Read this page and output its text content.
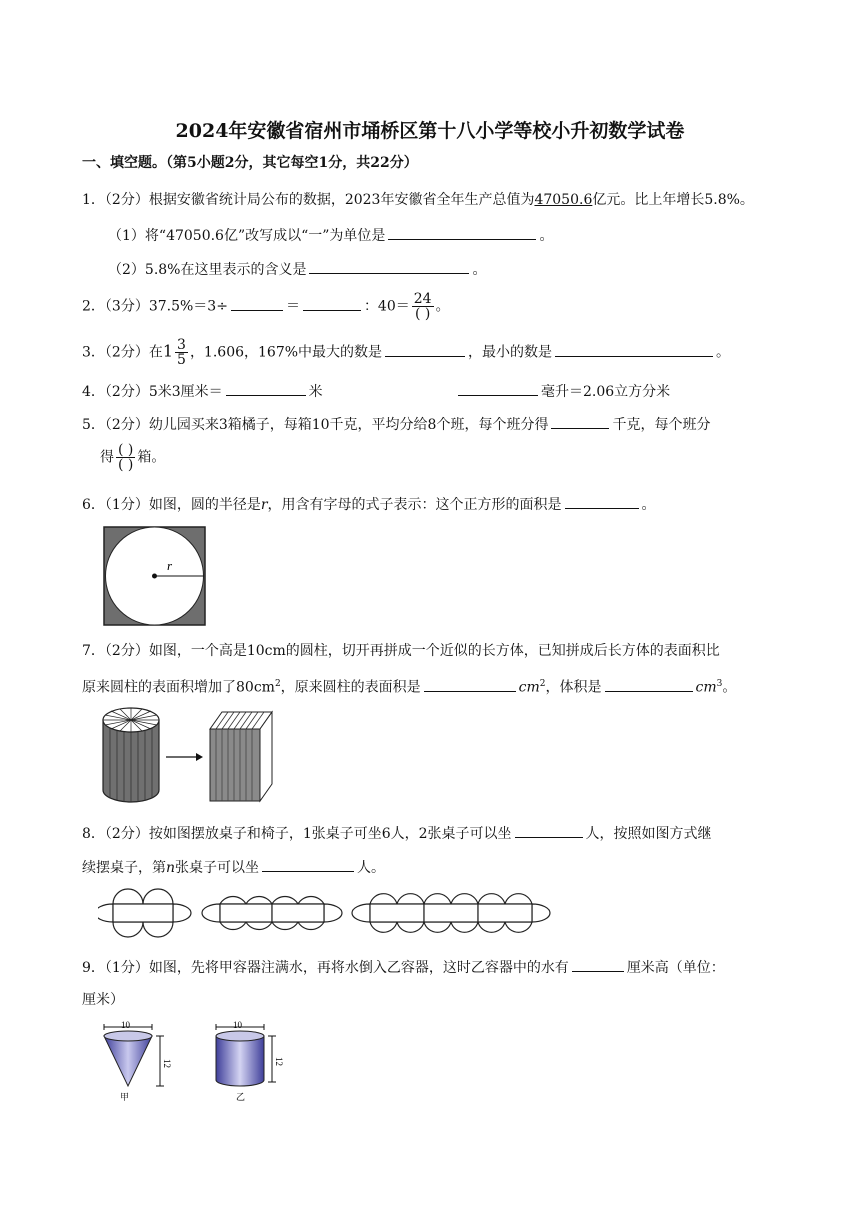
2024年安徽省宿州市埇桥区第十八小学等校小升初数学试卷
一、填空题。（第5小题2分，其它每空1分，共22分）
1．（2分）根据安徽省统计局公布的数据，2023年安徽省全年生产总值为47050.6亿元。比上年增长5.8%。
（1）将“47050.6亿”改写成以“一”为单位是	。
（2）5.8%在这里表示的含义是	。
2．（3分）37.5%＝3÷	＝	：$40= \frac{24}{( )}$ 。
3．（2分）在$1 \frac{3}{5}$ ，1.606，167%中最大的数是	，最小的数是	。
4．（2分）5米3厘米＝	米	毫升＝2.06立方分米
5．（2分）幼儿园买来3箱橘子，每箱10千克，平均分给8个班，每个班分得	千克，每个班分
得 $\frac{( )}{( )}$ 箱。
6．（1分）如图，圆的半径是r，用含有字母的式子表示：这个正方形的面积是	。
r
7．（2分）如图，一个高是10cm的圆柱，切开再拼成一个近似的长方体，已知拼成后长方体的表面积比
原来圆柱的表面积增加了$80cm^2$，原来圆柱的表面积是	$cm^2$，体积是	$cm^3$。
8．（2分）按如图摆放桌子和椅子，1张桌子可坐6人，2张桌子可以坐	人，按照如图方式继
续摆桌子，第n张桌子可以坐	人。
9．（1分）如图，先将甲容器注满水，再将水倒入乙容器，这时乙容器中的水有	厘米高（单位：
厘米）
10
12
甲
10
12
乙
